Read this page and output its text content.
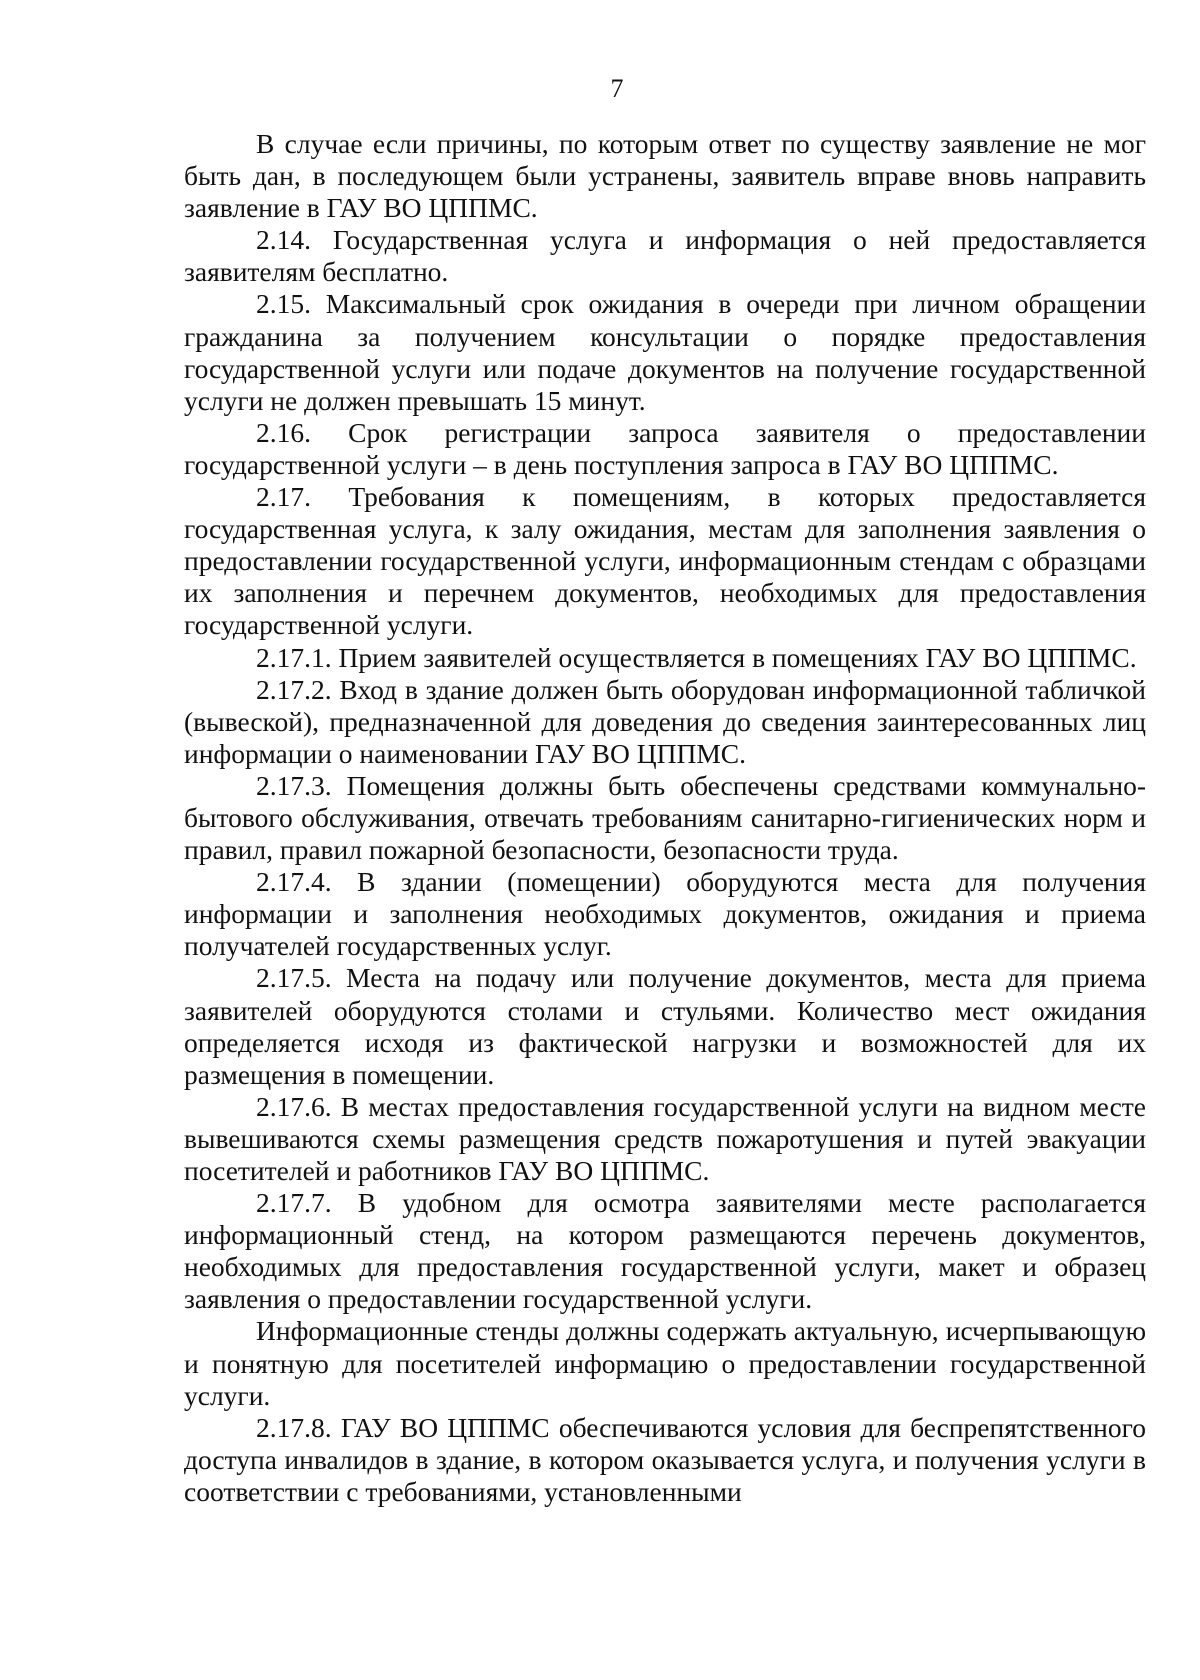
7

В случае если причины, по которым ответ по существу заявление не мог быть дан, в последующем были устранены, заявитель вправе вновь направить заявление в ГАУ ВО ЦППМС.

2.14. Государственная услуга и информация о ней предоставляется заявителям бесплатно.

2.15. Максимальный срок ожидания в очереди при личном обращении гражданина за получением консультации о порядке предоставления государственной услуги или подаче документов на получение государственной услуги не должен превышать 15 минут.

2.16. Срок регистрации запроса заявителя о предоставлении государственной услуги – в день поступления запроса в ГАУ ВО ЦППМС.

2.17. Требования к помещениям, в которых предоставляется государственная услуга, к залу ожидания, местам для заполнения заявления о предоставлении государственной услуги, информационным стендам с образцами их заполнения и перечнем документов, необходимых для предоставления государственной услуги.

2.17.1. Прием заявителей осуществляется в помещениях ГАУ ВО ЦППМС.

2.17.2. Вход в здание должен быть оборудован информационной табличкой (вывеской), предназначенной для доведения до сведения заинтересованных лиц информации о наименовании ГАУ ВО ЦППМС.

2.17.3. Помещения должны быть обеспечены средствами коммунально-бытового обслуживания, отвечать требованиям санитарно-гигиенических норм и правил, правил пожарной безопасности, безопасности труда.

2.17.4. В здании (помещении) оборудуются места для получения информации и заполнения необходимых документов, ожидания и приема получателей государственных услуг.

2.17.5. Места на подачу или получение документов, места для приема заявителей оборудуются столами и стульями. Количество мест ожидания определяется исходя из фактической нагрузки и возможностей для их размещения в помещении.

2.17.6. В местах предоставления государственной услуги на видном месте вывешиваются схемы размещения средств пожаротушения и путей эвакуации посетителей и работников ГАУ ВО ЦППМС.

2.17.7. В удобном для осмотра заявителями месте располагается информационный стенд, на котором размещаются перечень документов, необходимых для предоставления государственной услуги, макет и образец заявления о предоставлении государственной услуги.

Информационные стенды должны содержать актуальную, исчерпывающую и понятную для посетителей информацию о предоставлении государственной услуги.

2.17.8. ГАУ ВО ЦППМС обеспечиваются условия для беспрепятственного доступа инвалидов в здание, в котором оказывается услуга, и получения услуги в соответствии с требованиями, установленными
